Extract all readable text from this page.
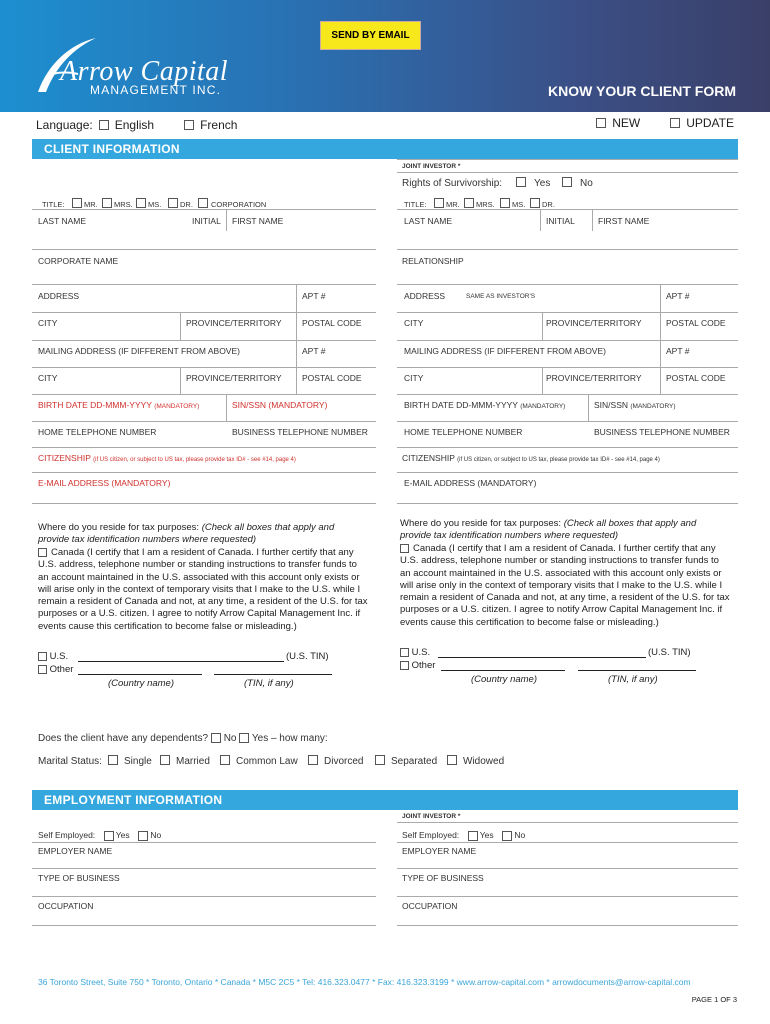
SEND BY EMAIL
Arrow Capital
MANAGEMENT INC.	KNOW YOUR CLIENT FORM
Language: English	French	NEW	UPDATE
CLIENT INFORMATION
JOINT INVESTOR *
Rights of Survivorship:	Yes	No
TITLE:	MR. MRS. MS. DR. CORPORATION	TITLE:	MR. MRS. MS. DR.
LAST NAME	INITIAL FIRST NAME
CORPORATE NAME
ADDRESS	APT #
CITY	PROVINCE/TERRITORY POSTAL CODE
MAILING ADDRESS (IF DIFFERENT FROM ABOVE)	APT #
CITY	PROVINCE/TERRITORY POSTAL CODE
BIRTH DATE DD-MMM-YYYY (MANDATORY)	SIN/SSN (MANDATORY)
HOME TELEPHONE NUMBER	BUSINESS TELEPHONE NUMBER
CITIZENSHIP (if US citizen, or subject to US tax, please provide tax ID# - see #14, page 4)
E-MAIL ADDRESS (MANDATORY)
LAST NAME	INITIAL	FIRST NAME
RELATIONSHIP
ADDRESS	SAME AS INVESTOR'S	APT #
CITY	PROVINCE/TERRITORY	POSTAL CODE
MAILING ADDRESS (IF DIFFERENT FROM ABOVE)	APT #
CITY	PROVINCE/TERRITORY	POSTAL CODE
BIRTH DATE DD-MMM-YYYY (MANDATORY)	SIN/SSN (MANDATORY)
HOME TELEPHONE NUMBER	BUSINESS TELEPHONE NUMBER
CITIZENSHIP (if US citizen, or subject to US tax, please provide tax ID# - see #14, page 4)
E-MAIL ADDRESS (MANDATORY)
Where do you reside for tax purposes: (Check all boxes that apply and provide tax identification numbers where requested)
Canada (I certify that I am a resident of Canada. I further certify that any U.S. address, telephone number or standing instructions to transfer funds to an account maintained in the U.S. associated with this account only exists or will arise only in the context of temporary visits that I make to the U.S. while I remain a resident of Canada and not, at any time, a resident of the U.S. for tax purposes or a U.S. citizen. I agree to notify Arrow Capital Management Inc. if events cause this certification to become false or misleading.)
U.S.	(U.S. TIN)
Other
(Country name)	(TIN, if any)
Where do you reside for tax purposes: (Check all boxes that apply and provide tax identification numbers where requested)
Canada (I certify that I am a resident of Canada. I further certify that any U.S. address, telephone number or standing instructions to transfer funds to an account maintained in the U.S. associated with this account only exists or will arise only in the context of temporary visits that I make to the U.S. while I remain a resident of Canada and not, at any time, a resident of the U.S. for tax purposes or a U.S. citizen. I agree to notify Arrow Capital Management Inc. if events cause this certification to become false or misleading.)
U.S.	(U.S. TIN)
Other
(Country name)	(TIN, if any)
Does the client have any dependents? No Yes – how many:
Marital Status: Single Married	Common Law	Divorced	Separated	Widowed
EMPLOYMENT INFORMATION
JOINT INVESTOR *
Self Employed: Yes No	Self Employed: Yes No
EMPLOYER NAME	EMPLOYER NAME
TYPE OF BUSINESS	TYPE OF BUSINESS
OCCUPATION	OCCUPATION
36 Toronto Street, Suite 750 * Toronto, Ontario * Canada * M5C 2C5 * Tel: 416.323.0477 * Fax: 416.323.3199 * www.arrow-capital.com * arrowdocuments@arrow-capital.com
PAGE 1 OF 3
